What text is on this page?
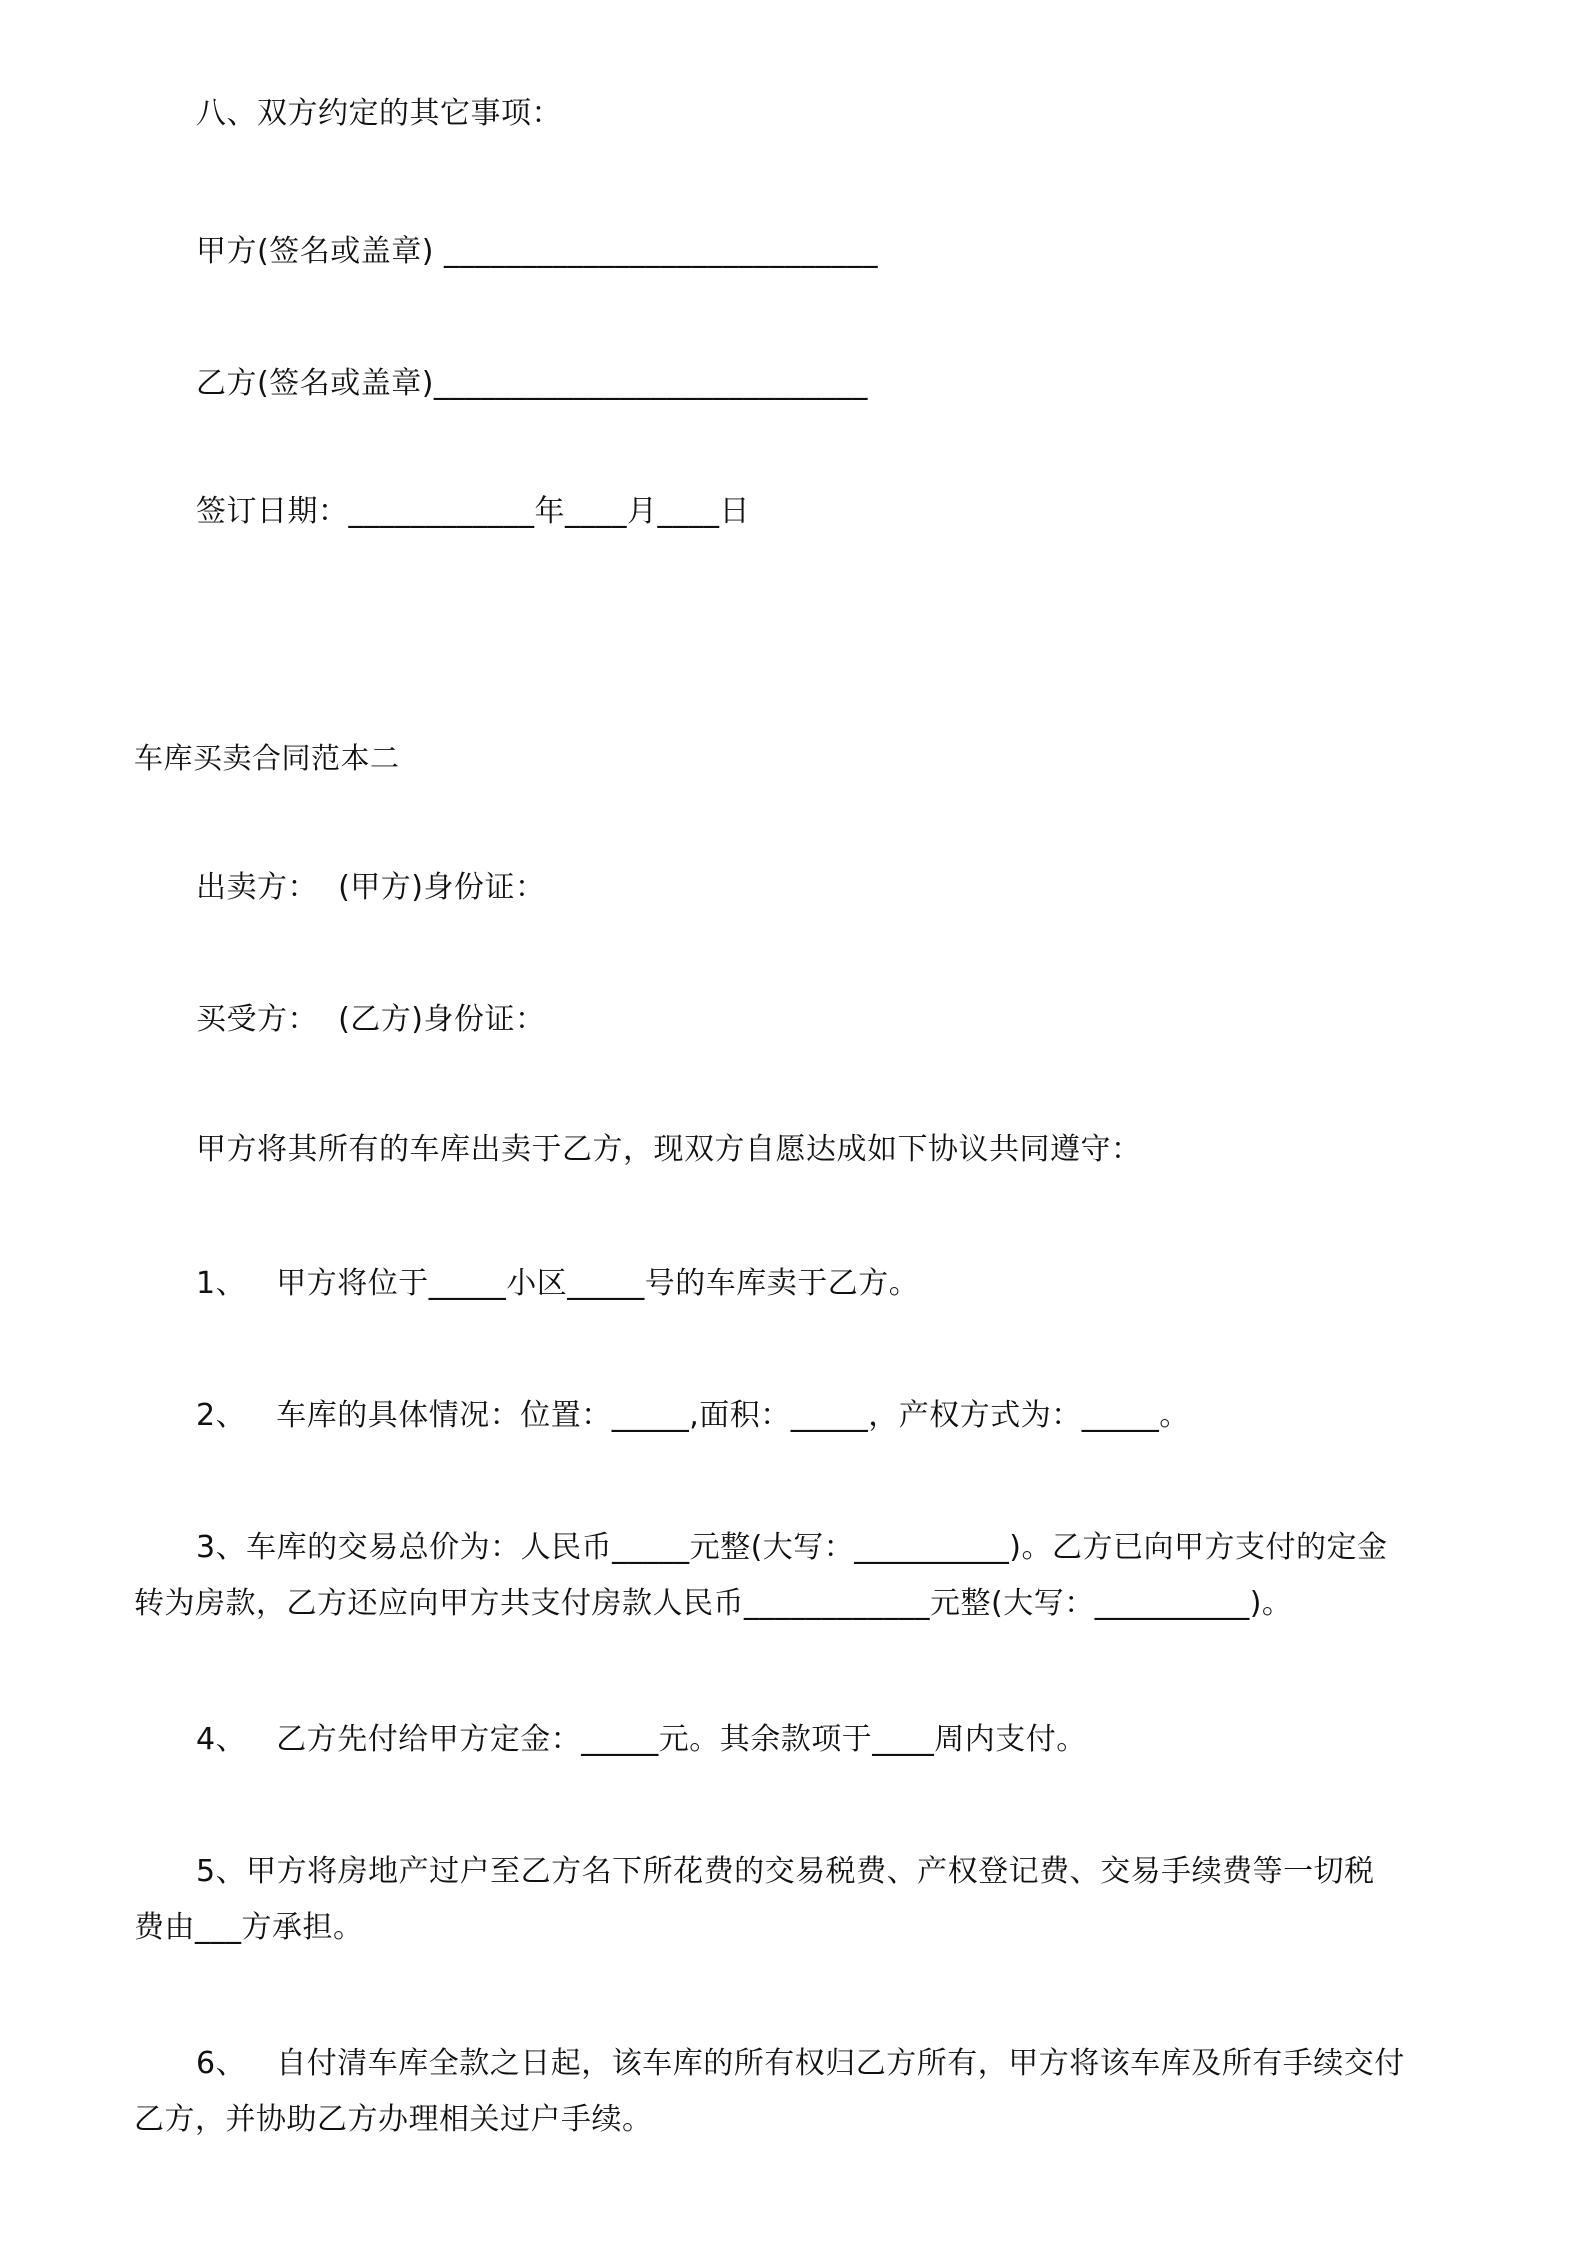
八、双方约定的其它事项：
甲方(签名或盖章) ____________________________
乙方(签名或盖章)____________________________
签订日期：____________年____月____日
车库买卖合同范本二
出卖方：  (甲方)身份证：
买受方：  (乙方)身份证：
甲方将其所有的车库出卖于乙方，现双方自愿达成如下协议共同遵守：
1、   甲方将位于_____小区_____号的车库卖于乙方。
2、   车库的具体情况：位置：_____,面积：_____，产权方式为：_____。
3、车库的交易总价为：人民币_____元整(大写：__________)。乙方已向甲方支付的定金
转为房款，乙方还应向甲方共支付房款人民币____________元整(大写：__________)。
4、   乙方先付给甲方定金：_____元。其余款项于____周内支付。
5、甲方将房地产过户至乙方名下所花费的交易税费、产权登记费、交易手续费等一切税
费由___方承担。
6、   自付清车库全款之日起，该车库的所有权归乙方所有，甲方将该车库及所有手续交付
乙方，并协助乙方办理相关过户手续。
